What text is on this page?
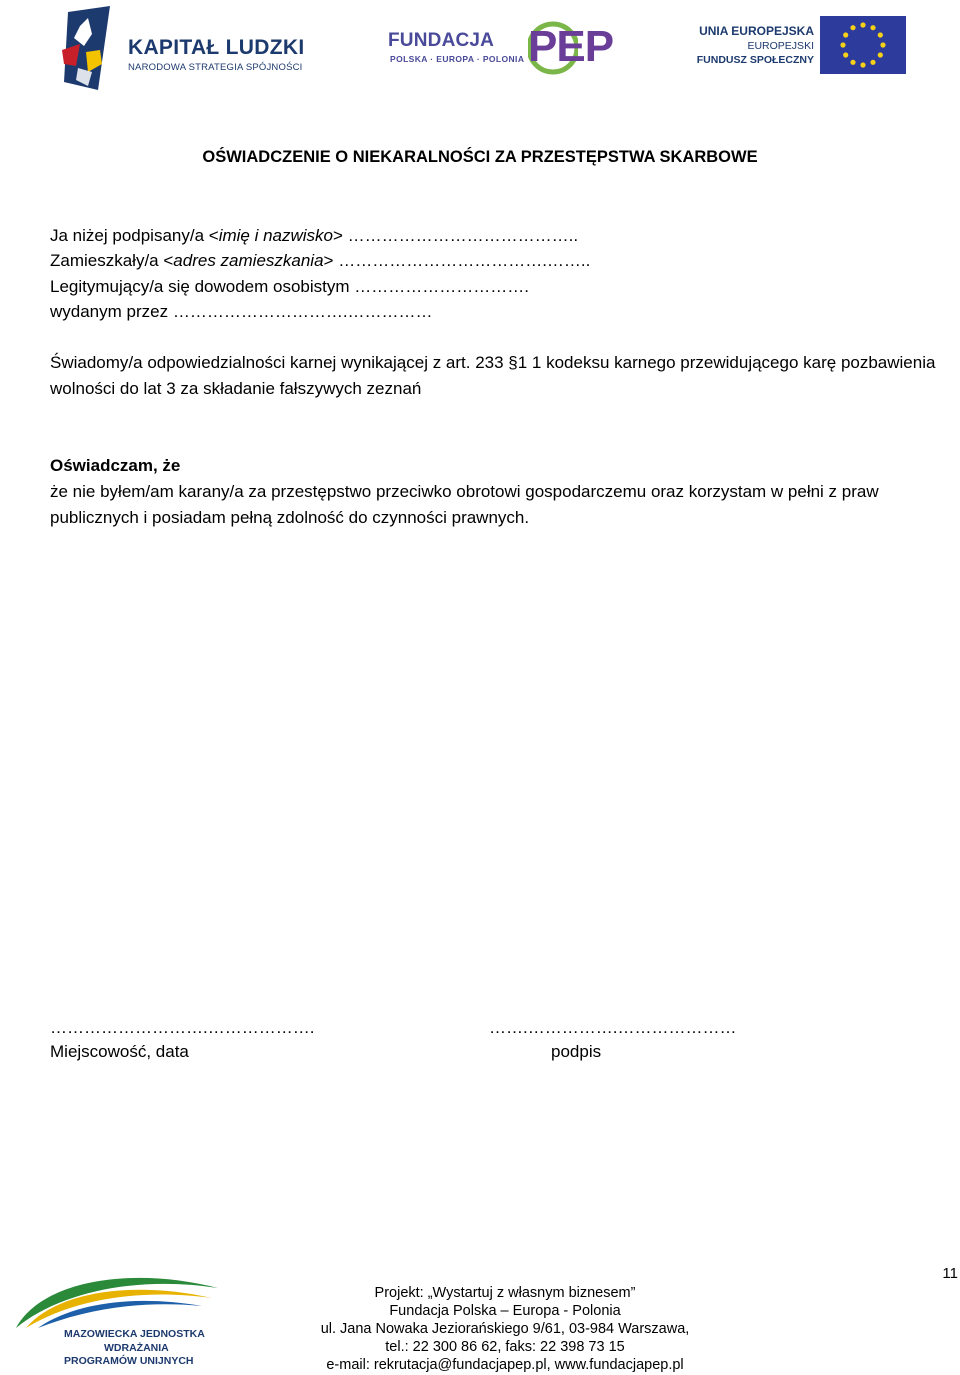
KAPITAŁ LUDZKI
NARODOWA STRATEGIA SPÓJNOŚCI
FUNDACJA
POLSKA · EUROPA · POLONIA PEP	UNIA EUROPEJSKA
EUROPEJSKI
FUNDUSZ SPOŁECZNY
OŚWIADCZENIE O NIEKARALNOŚCI ZA PRZESTĘPSTWA SKARBOWE
Ja niżej podpisany/a <imię i nazwisko> …………………………………..
Zamieszkały/a <adres zamieszkania> ……………………………….……..
Legitymujący/a się dowodem osobistym ………………………….
wydanym przez ………………………….……………
Świadomy/a odpowiedzialności karnej wynikającej z art. 233 §1 1 kodeksu karnego przewidującego karę pozbawienia wolności do lat 3 za składanie fałszywych zeznań
Oświadczam, że
że nie byłem/am karany/a za przestępstwo przeciwko obrotowi gospodarczemu oraz korzystam w pełni z praw publicznych i posiadam pełną zdolność do czynności prawnych.
……………………….……………….
Miejscowość, data
…….…………….…………………
podpis
MAZOWIECKA JEDNOSTKA
WDRAŻANIA
PROGRAMÓW UNIJNYCH
Projekt: „Wystartuj z własnym biznesem”
Fundacja Polska – Europa - Polonia
ul. Jana Nowaka Jeziorańskiego 9/61, 03-984 Warszawa,
tel.: 22 300 86 62, faks: 22 398 73 15
e-mail: rekrutacja@fundacjapep.pl, www.fundacjapep.pl
11
